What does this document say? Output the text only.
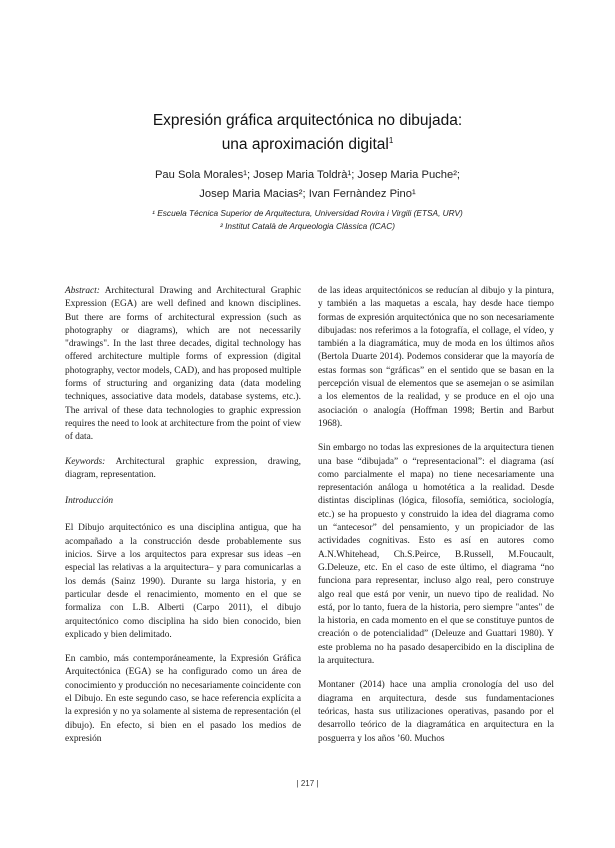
Expresión gráfica arquitectónica no dibujada:
una aproximación digital$^1$
Pau Sola Morales¹; Josep Maria Toldrà¹; Josep Maria Puche²;
Josep Maria Macias²; Ivan Fernàndez Pino¹
¹ Escuela Técnica Superior de Arquitectura, Universidad Rovira i Virgili (ETSA, URV)
² Institut Català de Arqueologia Clàssica (ICAC)

Abstract: Architectural Drawing and Architectural Graphic Expression (EGA) are well defined and known disciplines. But there are forms of architectural expression (such as photography or diagrams), which are not necessarily "drawings". In the last three decades, digital technology has offered architecture multiple forms of expression (digital photography, vector models, CAD), and has proposed multiple forms of structuring and organizing data (data modeling techniques, associative data models, database systems, etc.). The arrival of these data technologies to graphic expression requires the need to look at architecture from the point of view of data.

Keywords: Architectural graphic expression, drawing, diagram, representation.

Introducción

El Dibujo arquitectónico es una disciplina antigua, que ha acompañado a la construcción desde probablemente sus inicios. Sirve a los arquitectos para expresar sus ideas –en especial las relativas a la arquitectura– y para comunicarlas a los demás (Sainz 1990). Durante su larga historia, y en particular desde el renacimiento, momento en el que se formaliza con L.B. Alberti (Carpo 2011), el dibujo arquitectónico como disciplina ha sido bien conocido, bien explicado y bien delimitado.

En cambio, más contemporáneamente, la Expresión Gráfica Arquitectónica (EGA) se ha configurado como un área de conocimiento y producción no necesariamente coincidente con el Dibujo. En este segundo caso, se hace referencia explícita a la expresión y no ya solamente al sistema de representación (el dibujo). En efecto, si bien en el pasado los medios de expresión

de las ideas arquitectónicos se reducían al dibujo y la pintura, y también a las maquetas a escala, hay desde hace tiempo formas de expresión arquitectónica que no son necesariamente dibujadas: nos referimos a la fotografía, el collage, el vídeo, y también a la diagramática, muy de moda en los últimos años (Bertola Duarte 2014). Podemos considerar que la mayoría de estas formas son “gráficas” en el sentido que se basan en la percepción visual de elementos que se asemejan o se asimilan a los elementos de la realidad, y se produce en el ojo una asociación o analogía (Hoffman 1998; Bertin and Barbut 1968).

Sin embargo no todas las expresiones de la arquitectura tienen una base “dibujada” o “representacional”: el diagrama (así como parcialmente el mapa) no tiene necesariamente una representación análoga u homotética a la realidad. Desde distintas disciplinas (lógica, filosofía, semiótica, sociología, etc.) se ha propuesto y construido la idea del diagrama como un “antecesor” del pensamiento, y un propiciador de las actividades cognitivas. Esto es así en autores como A.N.Whitehead, Ch.S.Peirce, B.Russell, M.Foucault, G.Deleuze, etc. En el caso de este último, el diagrama “no funciona para representar, incluso algo real, pero construye algo real que está por venir, un nuevo tipo de realidad. No está, por lo tanto, fuera de la historia, pero siempre "antes" de la historia, en cada momento en el que se constituye puntos de creación o de potencialidad” (Deleuze and Guattari 1980). Y este problema no ha pasado desapercibido en la disciplina de la arquitectura.

Montaner (2014) hace una amplia cronología del uso del diagrama en arquitectura, desde sus fundamentaciones teóricas, hasta sus utilizaciones operativas, pasando por el desarrollo teórico de la diagramática en arquitectura en la posguerra y los años ’60. Muchos

| 217 |
